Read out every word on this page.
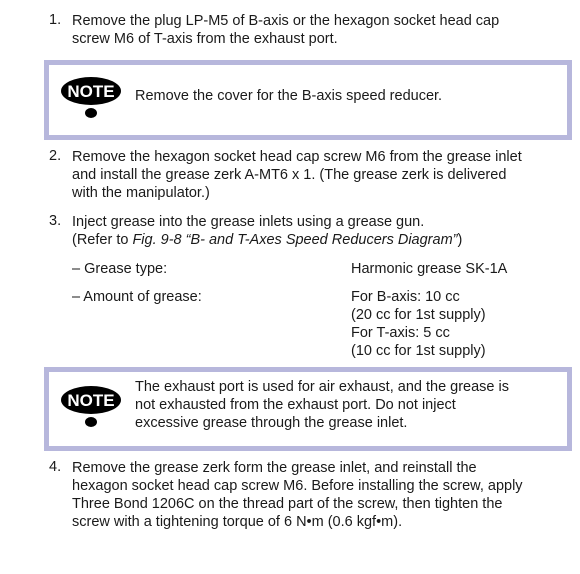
1. Remove the plug LP-M5 of B-axis or the hexagon socket head cap
screw M6 of T-axis from the exhaust port.
NOTE Remove the cover for the B-axis speed reducer.
2. Remove the hexagon socket head cap screw M6 from the grease inlet
and install the grease zerk A-MT6 x 1. (The grease zerk is delivered
with the manipulator.)
3. Inject grease into the grease inlets using a grease gun.
(Refer to Fig. 9-8 “B- and T-Axes Speed Reducers Diagram”)
– Grease type:	Harmonic grease SK-1A
– Amount of grease:	For B-axis: 10 cc
(20 cc for 1st supply)
For T-axis: 5 cc
(10 cc for 1st supply)
NOTE
The exhaust port is used for air exhaust, and the grease is
not exhausted from the exhaust port. Do not inject
excessive grease through the grease inlet.
4. Remove the grease zerk form the grease inlet, and reinstall the
hexagon socket head cap screw M6. Before installing the screw, apply
Three Bond 1206C on the thread part of the screw, then tighten the
screw with a tightening torque of 6 N•m (0.6 kgf•m).
